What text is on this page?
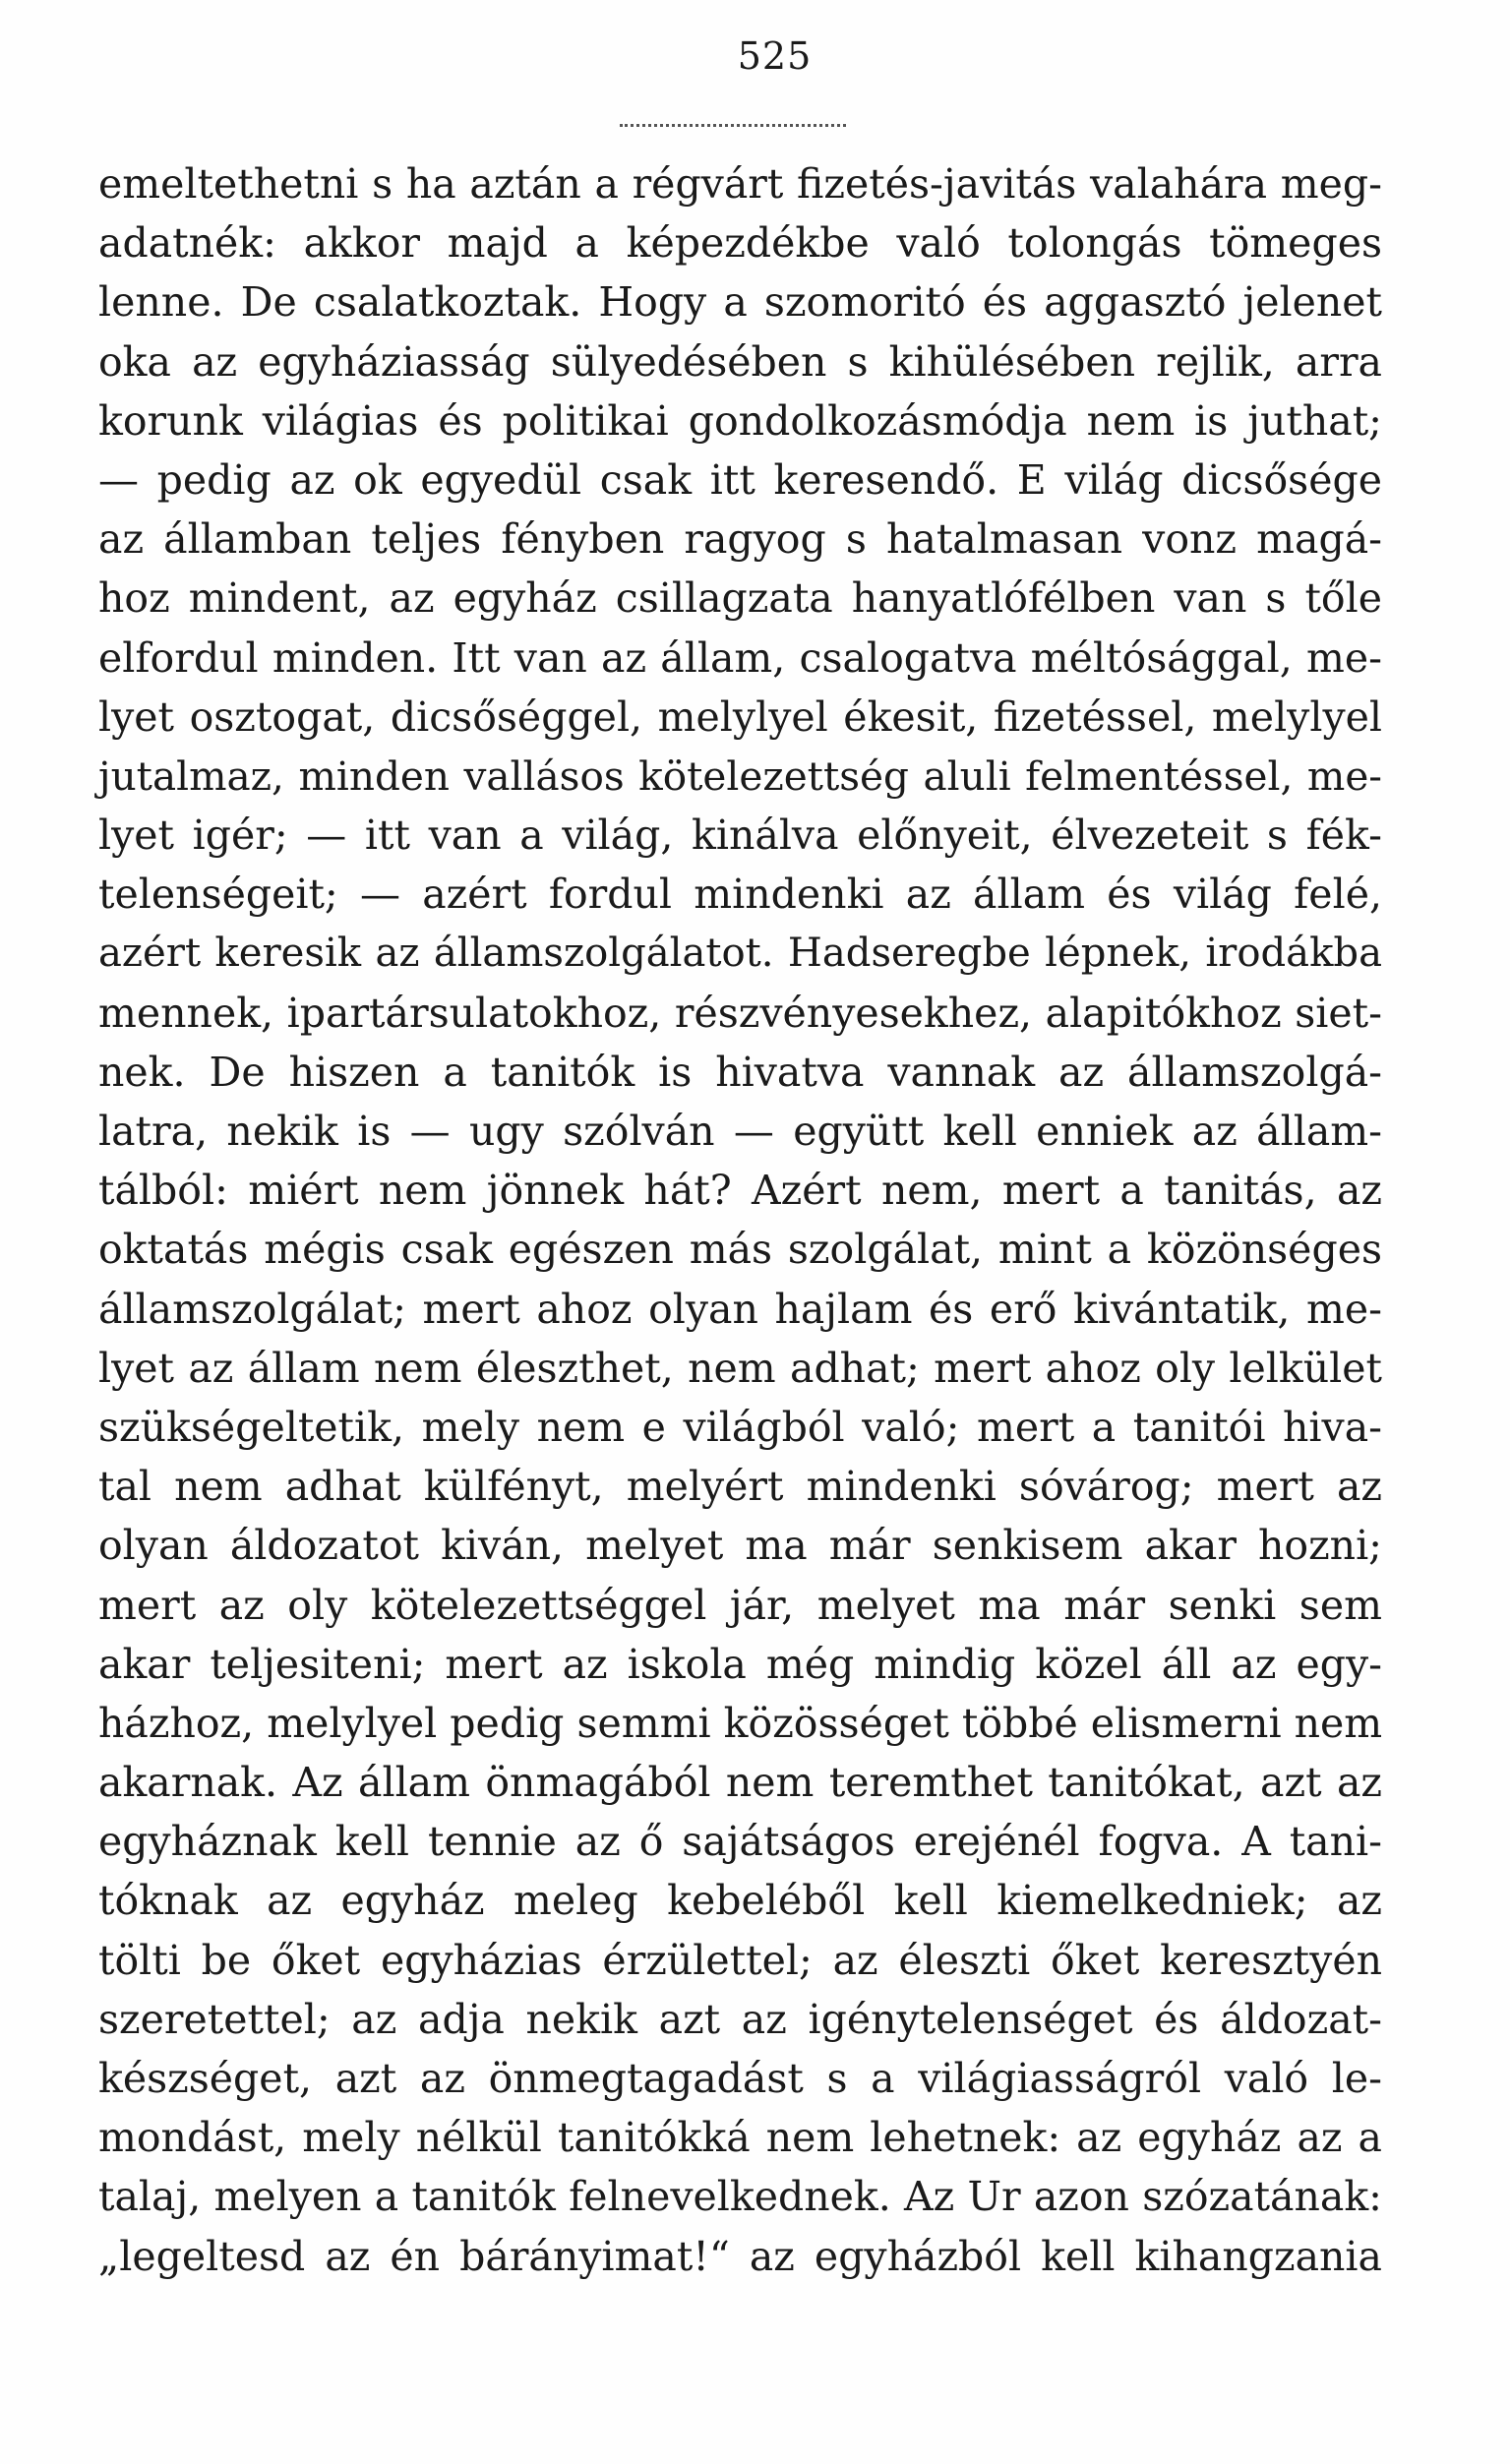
525
emeltethetni s ha aztán a régvárt fizetés-javitás valahára meg-
adatnék: akkor majd a képezdékbe való tolongás tömeges
lenne. De csalatkoztak. Hogy a szomoritó és aggasztó jelenet
oka az egyháziasság sülyedésében s kihülésében rejlik, arra
korunk világias és politikai gondolkozásmódja nem is juthat;
— pedig az ok egyedül csak itt keresendő. E világ dicsősége
az államban teljes fényben ragyog s hatalmasan vonz magá-
hoz mindent, az egyház csillagzata hanyatlófélben van s tőle
elfordul minden. Itt van az állam, csalogatva méltósággal, me-
lyet osztogat, dicsőséggel, melylyel ékesit, fizetéssel, melylyel
jutalmaz, minden vallásos kötelezettség aluli felmentéssel, me-
lyet igér; — itt van a világ, kinálva előnyeit, élvezeteit s fék-
telenségeit; — azért fordul mindenki az állam és világ felé,
azért keresik az államszolgálatot. Hadseregbe lépnek, irodákba
mennek, ipartársulatokhoz, részvényesekhez, alapitókhoz siet-
nek. De hiszen a tanitók is hivatva vannak az államszolgá-
latra, nekik is — ugy szólván — együtt kell enniek az állam-
tálból: miért nem jönnek hát? Azért nem, mert a tanitás, az
oktatás mégis csak egészen más szolgálat, mint a közönséges
államszolgálat; mert ahoz olyan hajlam és erő kivántatik, me-
lyet az állam nem éleszthet, nem adhat; mert ahoz oly lelkület
szükségeltetik, mely nem e világból való; mert a tanitói hiva-
tal nem adhat külfényt, melyért mindenki sóvárog; mert az
olyan áldozatot kiván, melyet ma már senkisem akar hozni;
mert az oly kötelezettséggel jár, melyet ma már senki sem
akar teljesiteni; mert az iskola még mindig közel áll az egy-
házhoz, melylyel pedig semmi közösséget többé elismerni nem
akarnak. Az állam önmagából nem teremthet tanitókat, azt az
egyháznak kell tennie az ő sajátságos erejénél fogva. A tani-
tóknak az egyház meleg kebeléből kell kiemelkedniek; az
tölti be őket egyházias érzülettel; az éleszti őket keresztyén
szeretettel; az adja nekik azt az igénytelenséget és áldozat-
készséget, azt az önmegtagadást s a világiasságról való le-
mondást, mely nélkül tanitókká nem lehetnek: az egyház az a
talaj, melyen a tanitók felnevelkednek. Az Ur azon szózatának:
„legeltesd az én bárányimat!“ az egyházból kell kihangzania
